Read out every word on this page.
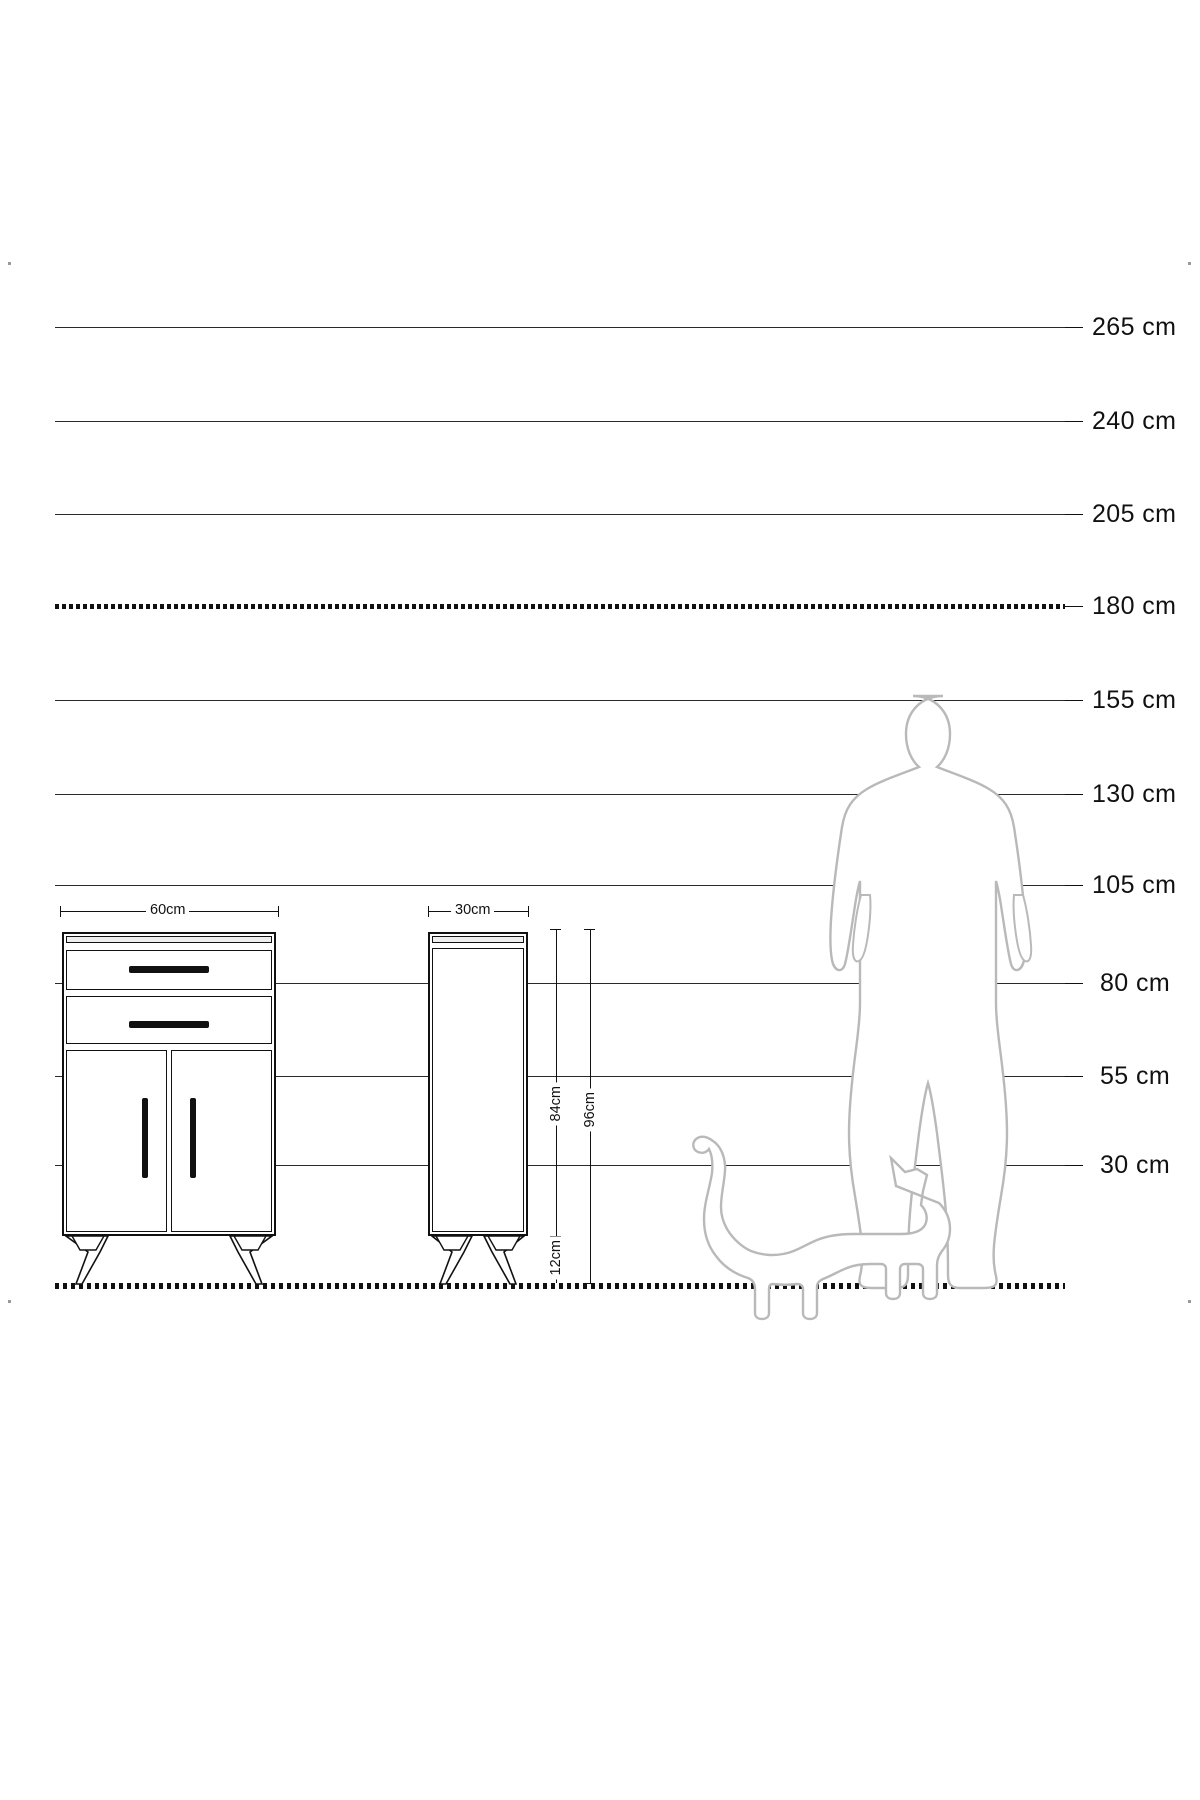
265 cm
240 cm
205 cm
180 cm
155 cm
130 cm
105 cm
80 cm
55 cm
30 cm
60cm	30cm
84cm 96cm
12cm
